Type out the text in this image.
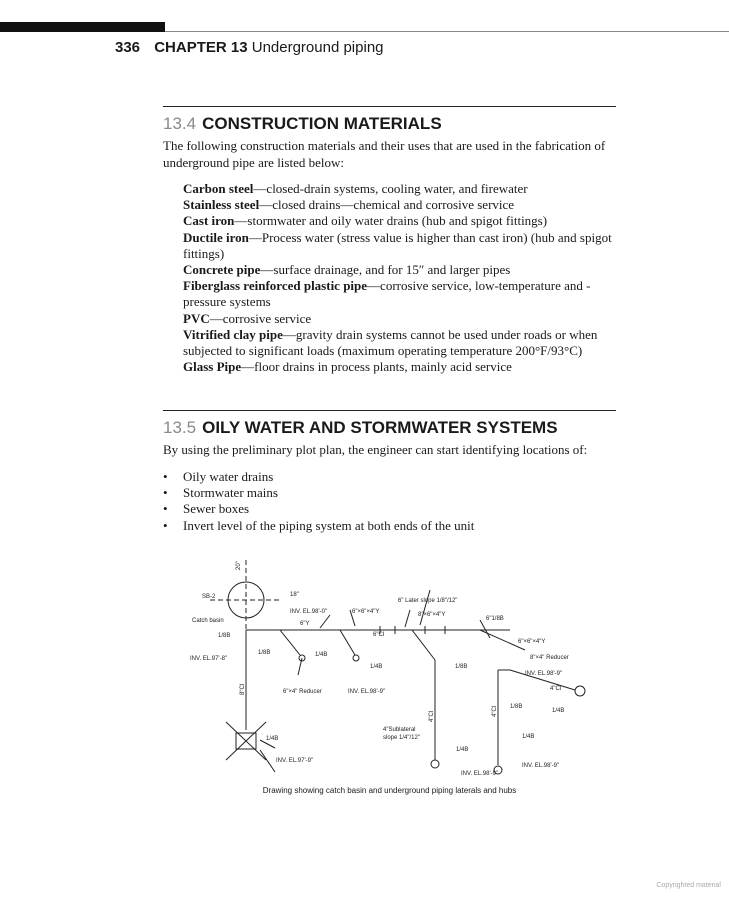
336 CHAPTER 13 Underground piping
13.4 CONSTRUCTION MATERIALS
The following construction materials and their uses that are used in the fabrication of underground pipe are listed below:
Carbon steel—closed-drain systems, cooling water, and firewater
Stainless steel—closed drains—chemical and corrosive service
Cast iron—stormwater and oily water drains (hub and spigot fittings)
Ductile iron—Process water (stress value is higher than cast iron) (hub and spigot fittings)
Concrete pipe—surface drainage, and for 15″ and larger pipes
Fiberglass reinforced plastic pipe—corrosive service, low-temperature and - pressure systems
PVC—corrosive service
Vitrified clay pipe—gravity drain systems cannot be used under roads or when subjected to significant loads (maximum operating temperature 200°F/93°C)
Glass Pipe—floor drains in process plants, mainly acid service
13.5 OILY WATER AND STORMWATER SYSTEMS
By using the preliminary plot plan, the engineer can start identifying locations of:
• Oily water drains
• Stormwater mains
• Sewer boxes
• Invert level of the piping system at both ends of the unit
20"
SB-2	18"
INV. EL.98'-0"
Catch basin
1/8B
INV. EL.97'-8"
1/8B
6"Y
6"×6"×4"Y
6" Later slope 1/8"/12"
8"×6"×4"Y
6"CI
6"1/8B
6"×6"×4"Y
1/4B
1/4B	1/8B
8"×4" Reducer
INV. EL.98'-9"
4"CI
1/8B
1/4B
8"CI	6"×4" Reducer	INV. EL.98'-9"
4"CI	4"CI
1/4B
4"Sublateral
slope 1/4"/12"
1/4B
1/4B
INV. EL.97'-9"
INV. EL.98'-9"
INV. EL.98'-9"
Drawing showing catch basin and underground piping laterals and hubs
Copyrighted material
